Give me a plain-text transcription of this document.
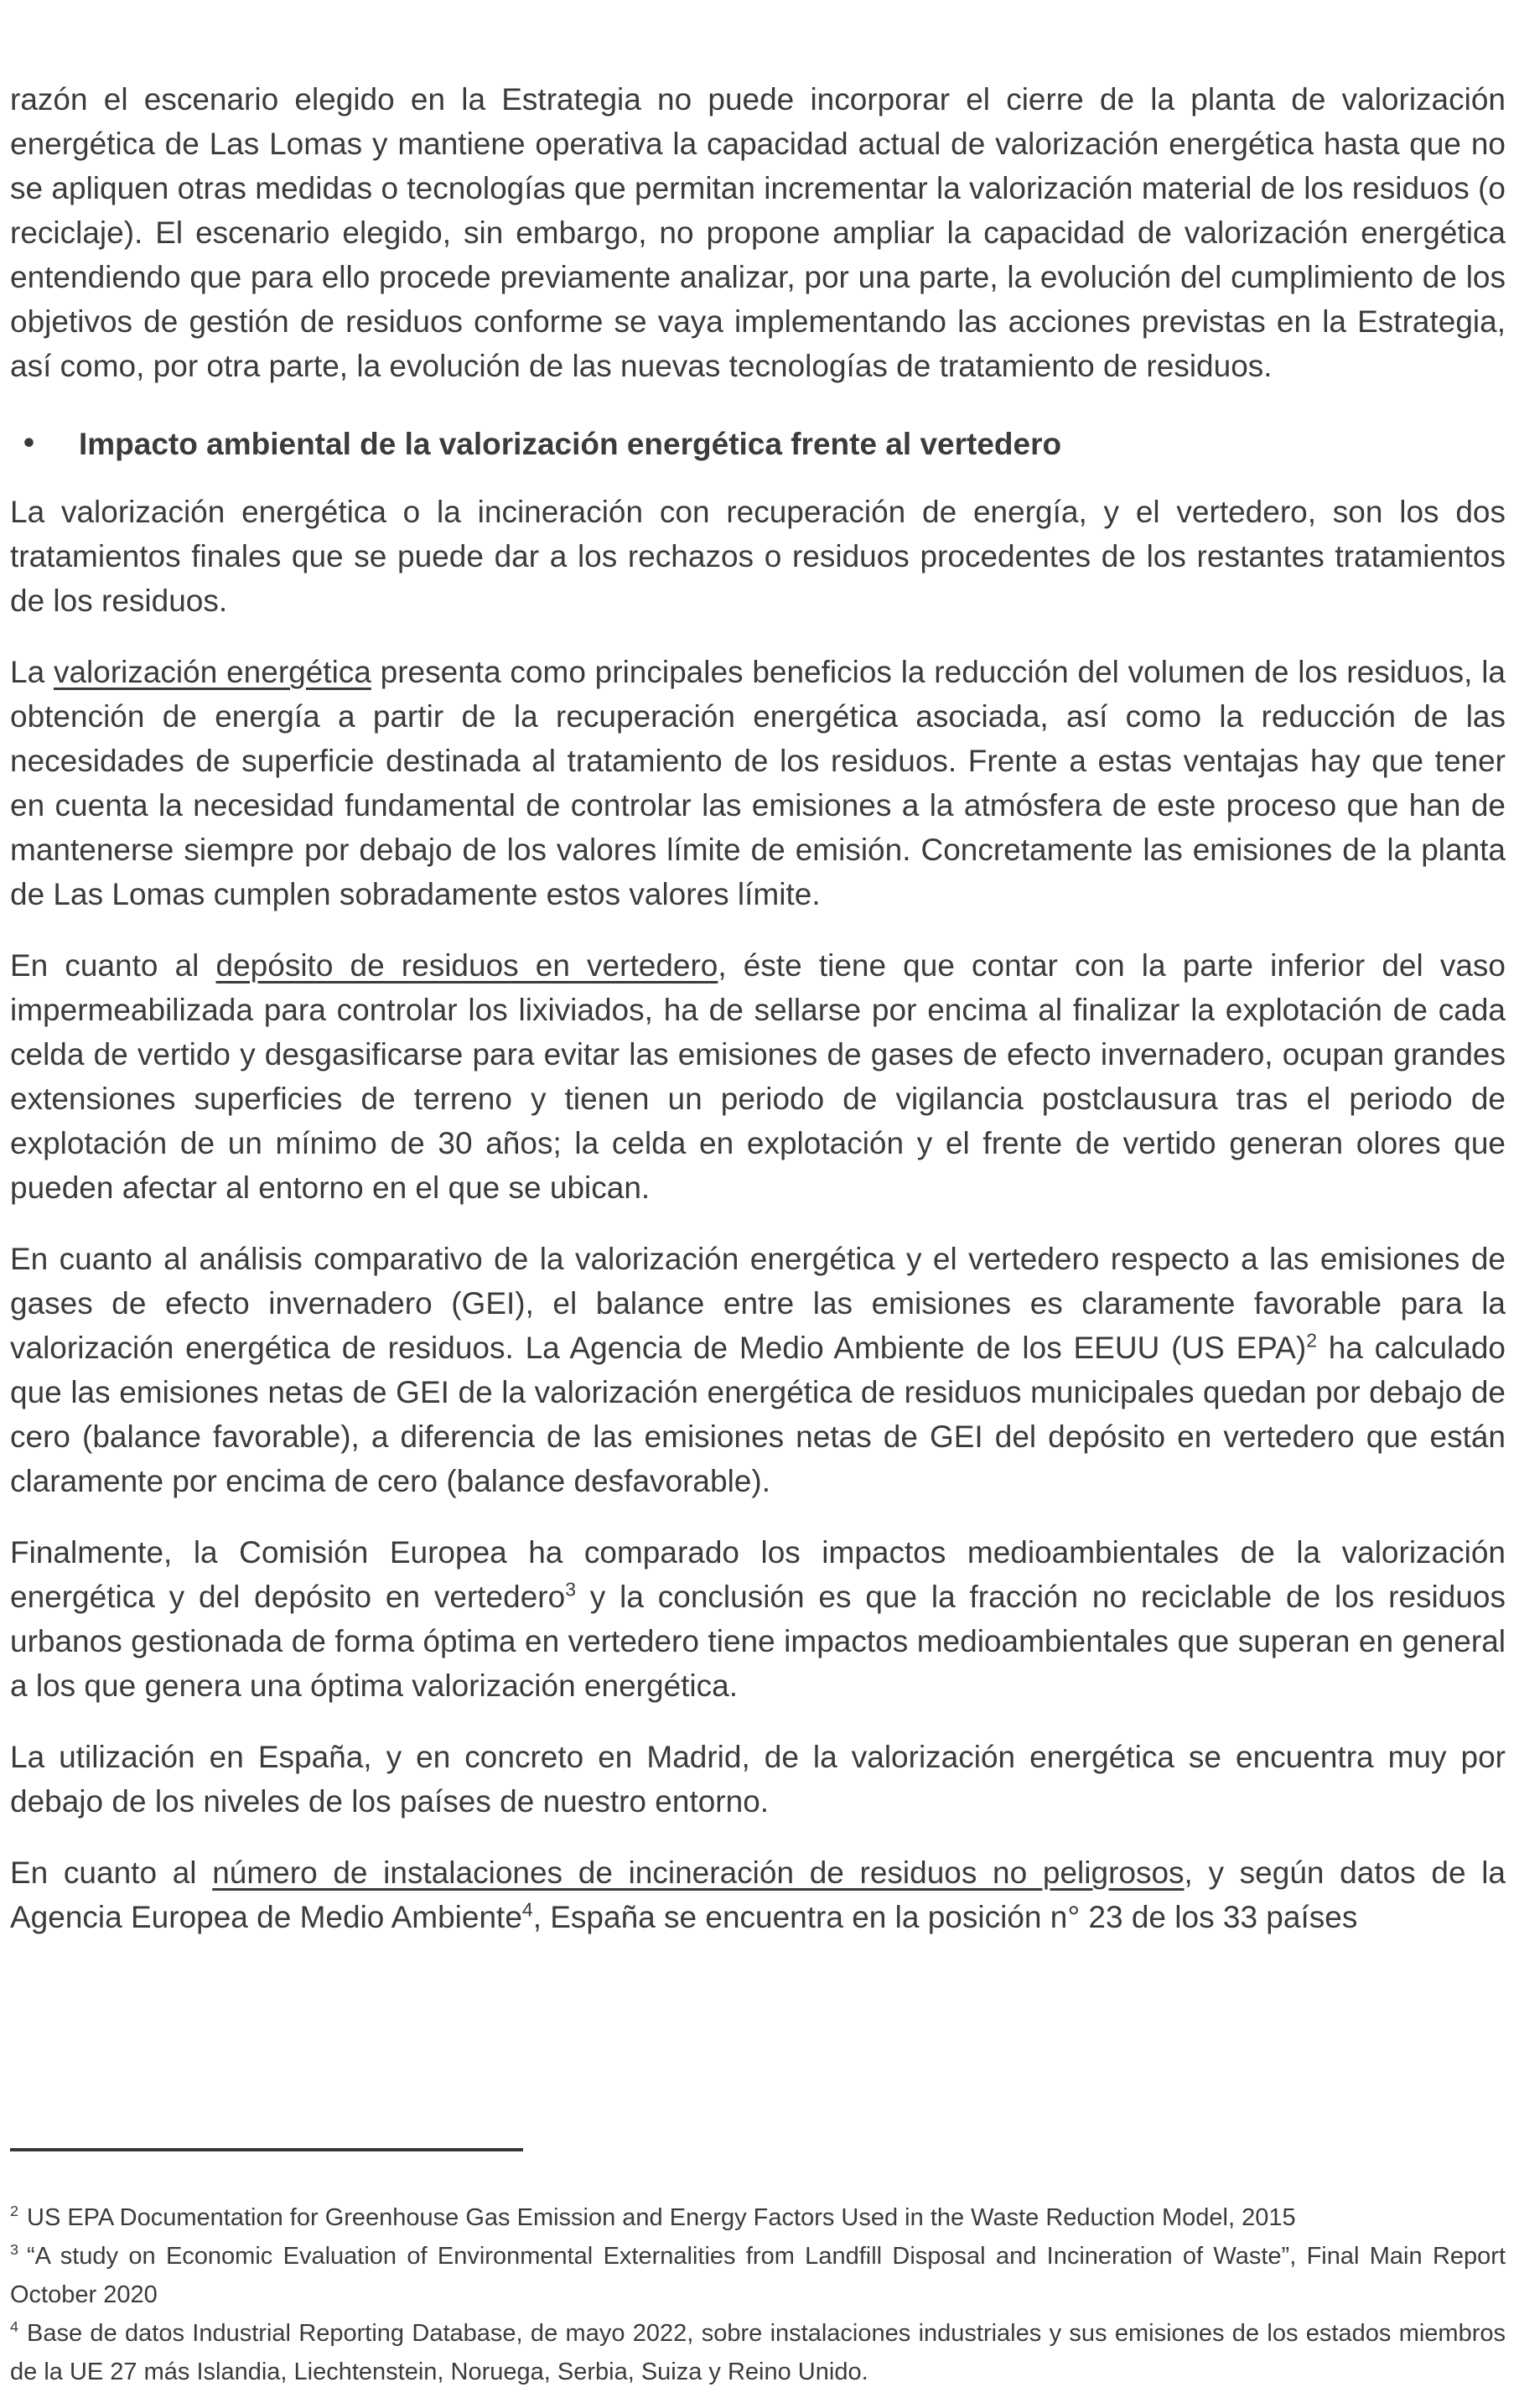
razón el escenario elegido en la Estrategia no puede incorporar el cierre de la planta de valorización energética de Las Lomas y mantiene operativa la capacidad actual de valorización energética hasta que no se apliquen otras medidas o tecnologías que permitan incrementar la valorización material de los residuos (o reciclaje). El escenario elegido, sin embargo, no propone ampliar la capacidad de valorización energética entendiendo que para ello procede previamente analizar, por una parte, la evolución del cumplimiento de los objetivos de gestión de residuos conforme se vaya implementando las acciones previstas en la Estrategia, así como, por otra parte, la evolución de las nuevas tecnologías de tratamiento de residuos.

• Impacto ambiental de la valorización energética frente al vertedero

La valorización energética o la incineración con recuperación de energía, y el vertedero, son los dos tratamientos finales que se puede dar a los rechazos o residuos procedentes de los restantes tratamientos de los residuos.

La valorización energética presenta como principales beneficios la reducción del volumen de los residuos, la obtención de energía a partir de la recuperación energética asociada, así como la reducción de las necesidades de superficie destinada al tratamiento de los residuos. Frente a estas ventajas hay que tener en cuenta la necesidad fundamental de controlar las emisiones a la atmósfera de este proceso que han de mantenerse siempre por debajo de los valores límite de emisión. Concretamente las emisiones de la planta de Las Lomas cumplen sobradamente estos valores límite.

En cuanto al depósito de residuos en vertedero, éste tiene que contar con la parte inferior del vaso impermeabilizada para controlar los lixiviados, ha de sellarse por encima al finalizar la explotación de cada celda de vertido y desgasificarse para evitar las emisiones de gases de efecto invernadero, ocupan grandes extensiones superficies de terreno y tienen un periodo de vigilancia postclausura tras el periodo de explotación de un mínimo de 30 años; la celda en explotación y el frente de vertido generan olores que pueden afectar al entorno en el que se ubican.

En cuanto al análisis comparativo de la valorización energética y el vertedero respecto a las emisiones de gases de efecto invernadero (GEI), el balance entre las emisiones es claramente favorable para la valorización energética de residuos. La Agencia de Medio Ambiente de los EEUU (US EPA)$^2$ ha calculado que las emisiones netas de GEI de la valorización energética de residuos municipales quedan por debajo de cero (balance favorable), a diferencia de las emisiones netas de GEI del depósito en vertedero que están claramente por encima de cero (balance desfavorable).

Finalmente, la Comisión Europea ha comparado los impactos medioambientales de la valorización energética y del depósito en vertedero$^3$ y la conclusión es que la fracción no reciclable de los residuos urbanos gestionada de forma óptima en vertedero tiene impactos medioambientales que superan en general a los que genera una óptima valorización energética.

La utilización en España, y en concreto en Madrid, de la valorización energética se encuentra muy por debajo de los niveles de los países de nuestro entorno.

En cuanto al número de instalaciones de incineración de residuos no peligrosos, y según datos de la Agencia Europea de Medio Ambiente$^4$, España se encuentra en la posición n° 23 de los 33 países

$^2$ US EPA Documentation for Greenhouse Gas Emission and Energy Factors Used in the Waste Reduction Model, 2015

$^3$ “A study on Economic Evaluation of Environmental Externalities from Landfill Disposal and Incineration of Waste”, Final Main Report October 2020

$^4$ Base de datos Industrial Reporting Database, de mayo 2022, sobre instalaciones industriales y sus emisiones de los estados miembros de la UE 27 más Islandia, Liechtenstein, Noruega, Serbia, Suiza y Reino Unido.
